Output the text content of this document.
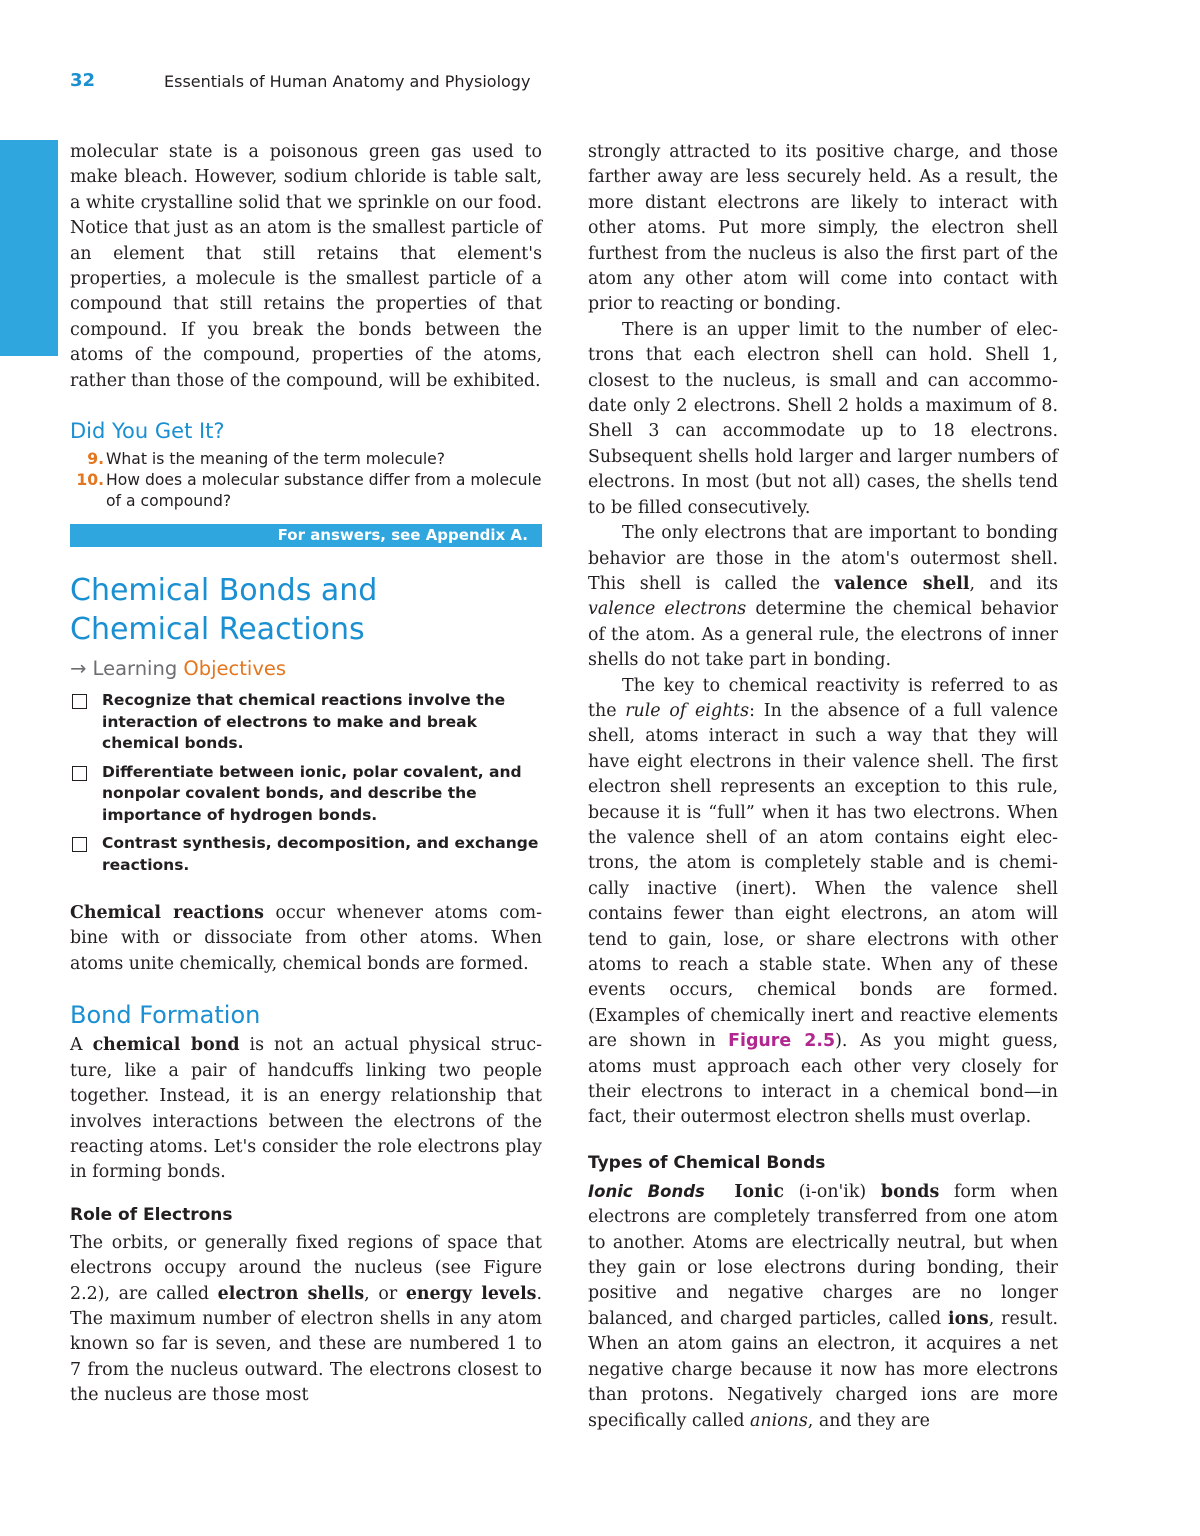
32	Essentials of Human Anatomy and Physiology

molecular state is a poisonous green gas used to make bleach. However, sodium chloride is table salt, a white crystalline solid that we sprinkle on our food. Notice that just as an atom is the smallest particle of an element that still retains that element's properties, a molecule is the smallest particle of a compound that still retains the properties of that compound. If you break the bonds between the atoms of the compound, properties of the atoms, rather than those of the compound, will be exhibited.

Did You Get It?
9. What is the meaning of the term molecule?
10. How does a molecular substance differ from a molecule of a compound?
For answers, see Appendix A.
Chemical Bonds and
Chemical Reactions
→ Learning Objectives
Recognize that chemical reactions involve the interaction of electrons to make and break chemical bonds.
Differentiate between ionic, polar covalent, and nonpolar covalent bonds, and describe the importance of hydrogen bonds.
Contrast synthesis, decomposition, and exchange reactions.

Chemical reactions occur whenever atoms combine with or dissociate from other atoms. When atoms unite chemically, chemical bonds are formed.

Bond Formation

A chemical bond is not an actual physical structure, like a pair of handcuffs linking two people together. Instead, it is an energy relationship that involves interactions between the electrons of the reacting atoms. Let's consider the role electrons play in forming bonds.

Role of Electrons

The orbits, or generally fixed regions of space that electrons occupy around the nucleus (see Figure 2.2), are called electron shells, or energy levels. The maximum number of electron shells in any atom known so far is seven, and these are numbered 1 to 7 from the nucleus outward. The electrons closest to the nucleus are those most

strongly attracted to its positive charge, and those farther away are less securely held. As a result, the more distant electrons are likely to interact with other atoms. Put more simply, the electron shell furthest from the nucleus is also the first part of the atom any other atom will come into contact with prior to reacting or bonding.

There is an upper limit to the number of electrons that each electron shell can hold. Shell 1, closest to the nucleus, is small and can accommodate only 2 electrons. Shell 2 holds a maximum of 8. Shell 3 can accommodate up to 18 electrons. Subsequent shells hold larger and larger numbers of electrons. In most (but not all) cases, the shells tend to be filled consecutively.

The only electrons that are important to bonding behavior are those in the atom's outermost shell. This shell is called the valence shell, and its valence electrons determine the chemical behavior of the atom. As a general rule, the electrons of inner shells do not take part in bonding.

The key to chemical reactivity is referred to as the rule of eights: In the absence of a full valence shell, atoms interact in such a way that they will have eight electrons in their valence shell. The first electron shell represents an exception to this rule, because it is “full” when it has two electrons. When the valence shell of an atom contains eight electrons, the atom is completely stable and is chemically inactive (inert). When the valence shell contains fewer than eight electrons, an atom will tend to gain, lose, or share electrons with other atoms to reach a stable state. When any of these events occurs, chemical bonds are formed. (Examples of chemically inert and reactive elements are shown in Figure 2.5). As you might guess, atoms must approach each other very closely for their electrons to interact in a chemical bond—in fact, their outermost electron shells must overlap.

Types of Chemical Bonds

Ionic Bonds Ionic (i-on'ik) bonds form when electrons are completely transferred from one atom to another. Atoms are electrically neutral, but when they gain or lose electrons during bonding, their positive and negative charges are no longer balanced, and charged particles, called ions, result. When an atom gains an electron, it acquires a net negative charge because it now has more electrons than protons. Negatively charged ions are more specifically called anions, and they are
